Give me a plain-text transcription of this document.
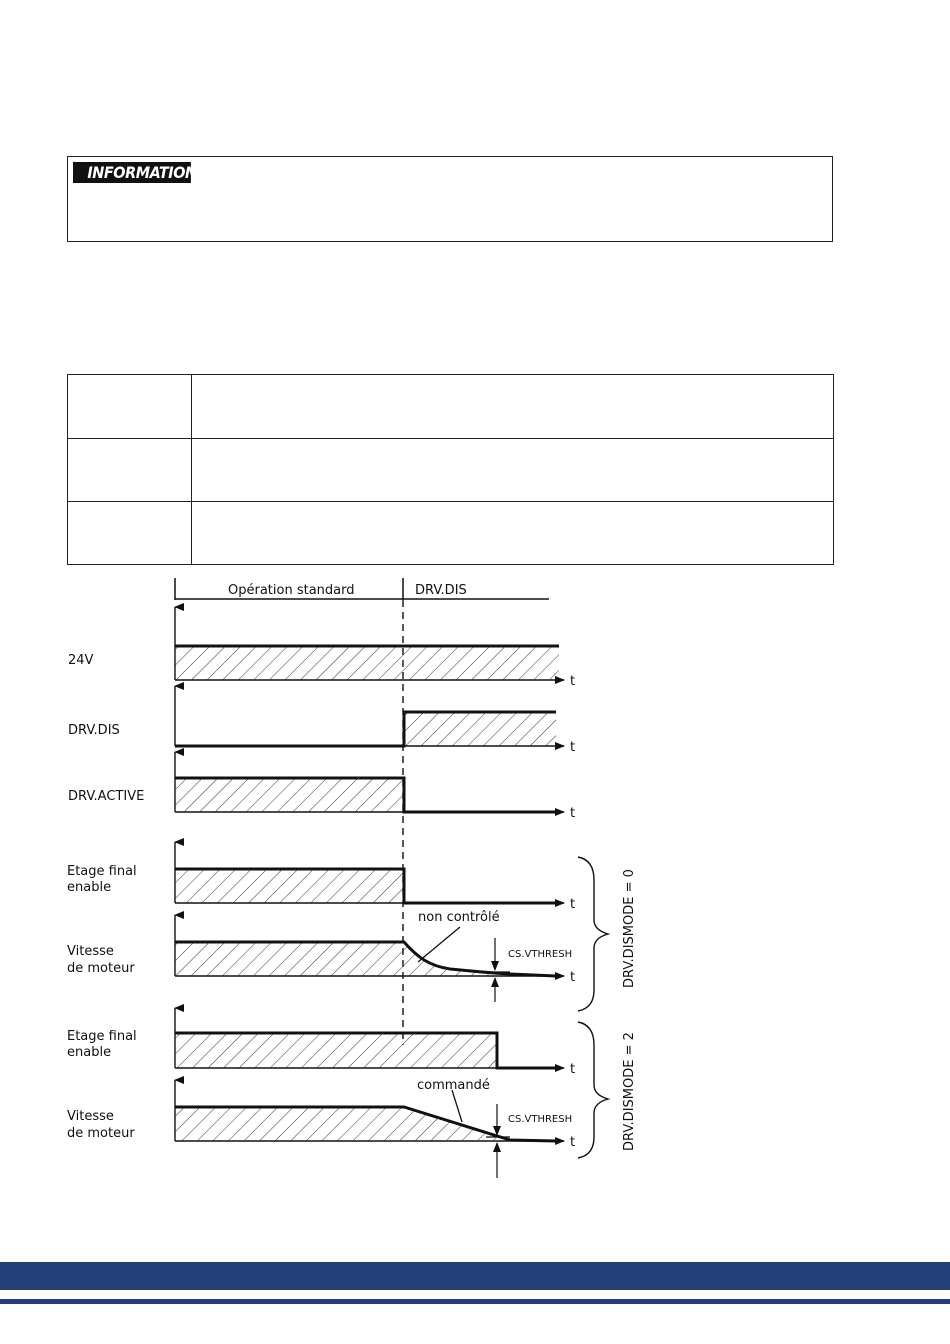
INFORMATION
Opération standard	DRV.DIS
t
24V
t
DRV.DIS
t
DRV.ACTIVE
t
Etage final
enable
t
non contrôlé
CS.VTHRESH
Vitesse
de moteur
t
Etage final
enable
t
commandé
CS.VTHRESH
Vitesse
de moteur
DRV.DISMODE = 0
DRV.DISMODE = 2
